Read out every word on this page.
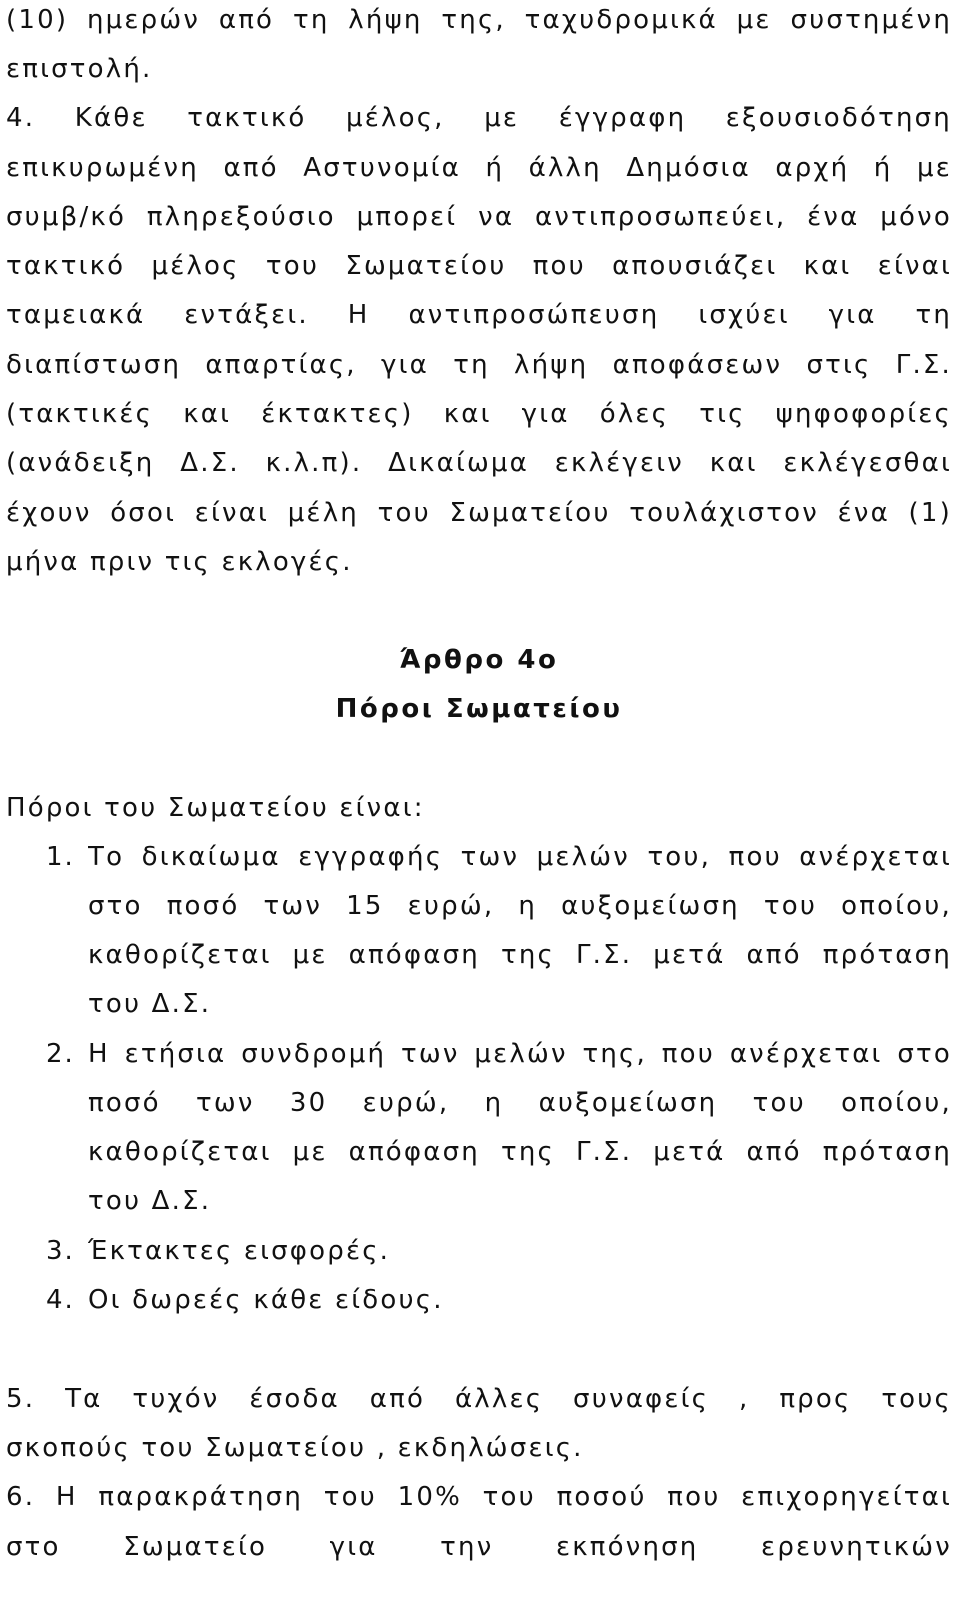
(10) ημερών από τη λήψη της, ταχυδρομικά με συστημένη
επιστολή.
4. Κάθε τακτικό μέλος, με έγγραφη εξουσιοδότηση
επικυρωμένη από Αστυνομία ή άλλη Δημόσια αρχή ή με
συμβ/κό πληρεξούσιο μπορεί να αντιπροσωπεύει, ένα μόνο
τακτικό μέλος του Σωματείου που απουσιάζει και είναι
ταμειακά εντάξει. Η αντιπροσώπευση ισχύει για τη
διαπίστωση απαρτίας, για τη λήψη αποφάσεων στις Γ.Σ.
(τακτικές και έκτακτες) και για όλες τις ψηφοφορίες
(ανάδειξη Δ.Σ. κ.λ.π). Δικαίωμα εκλέγειν και εκλέγεσθαι
έχουν όσοι είναι μέλη του Σωματείου τουλάχιστον ένα (1)
μήνα πριν τις εκλογές.
Άρθρο 4ο
Πόροι Σωματείου
Πόροι του Σωματείου είναι:
1. Το δικαίωμα εγγραφής των μελών του, που ανέρχεται
στο ποσό των 15 ευρώ, η αυξομείωση του οποίου,
καθορίζεται με απόφαση της Γ.Σ. μετά από πρόταση
του Δ.Σ.
2. Η ετήσια συνδρομή των μελών της, που ανέρχεται στο
ποσό των 30 ευρώ, η αυξομείωση του οποίου,
καθορίζεται με απόφαση της Γ.Σ. μετά από πρόταση
του Δ.Σ.
3. Έκτακτες εισφορές.
4. Οι δωρεές κάθε είδους.
5. Τα τυχόν έσοδα από άλλες συναφείς , προς τους
σκοπούς του Σωματείου , εκδηλώσεις.
6. Η παρακράτηση του 10% του ποσού που επιχορηγείται
στο Σωματείο για την εκπόνηση ερευνητικών
